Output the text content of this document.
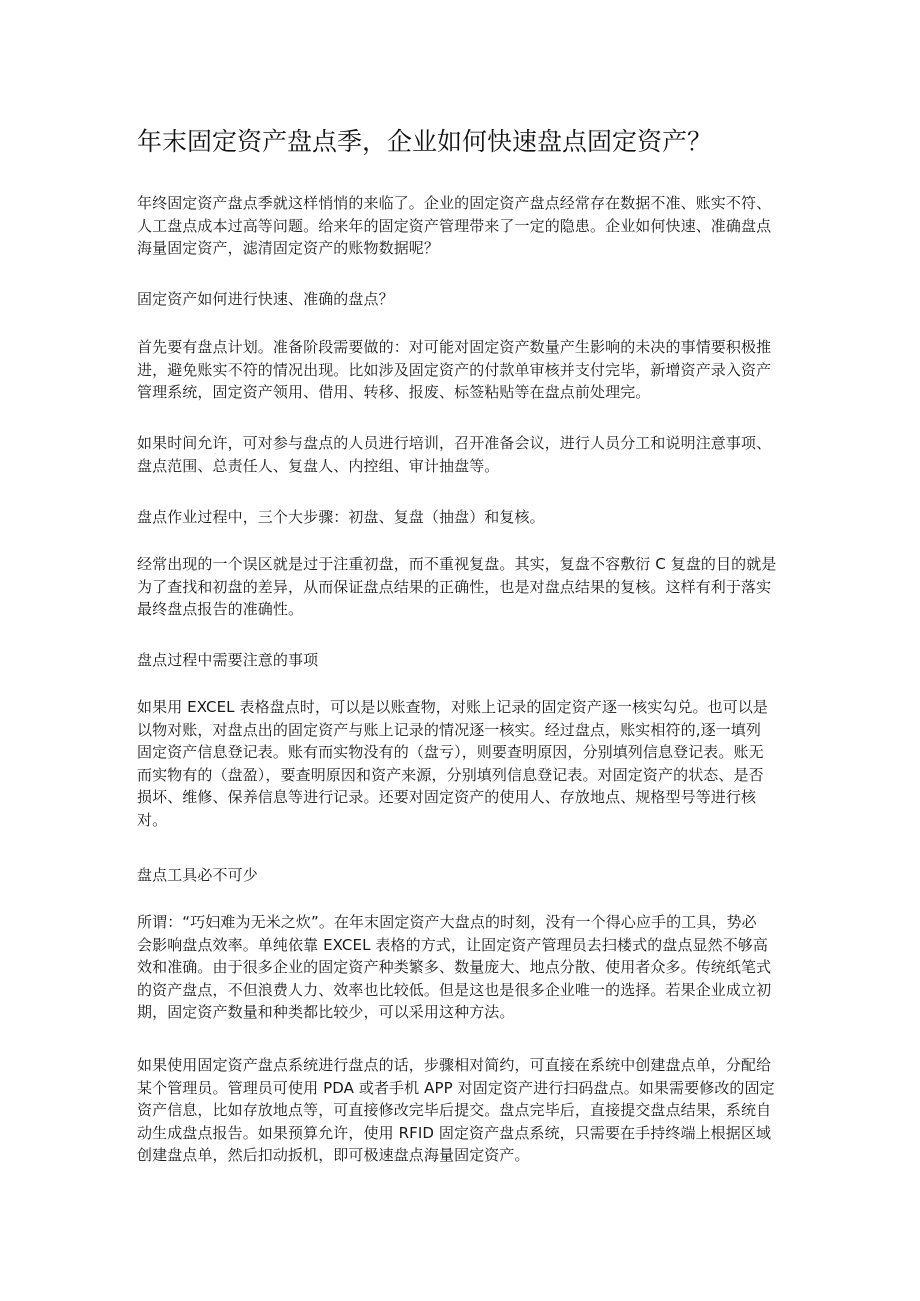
年末固定资产盘点季，企业如何快速盘点固定资产？

年终固定资产盘点季就这样悄悄的来临了。企业的固定资产盘点经常存在数据不准、账实不符、
人工盘点成本过高等问题。给来年的固定资产管理带来了一定的隐患。企业如何快速、准确盘点
海量固定资产，滤清固定资产的账物数据呢？

固定资产如何进行快速、准确的盘点？

首先要有盘点计划。准备阶段需要做的：对可能对固定资产数量产生影响的未决的事情要积极推
进，避免账实不符的情况出现。比如涉及固定资产的付款单审核并支付完毕，新增资产录入资产
管理系统，固定资产领用、借用、转移、报废、标签粘贴等在盘点前处理完。

如果时间允许，可对参与盘点的人员进行培训，召开准备会议，进行人员分工和说明注意事项、
盘点范围、总责任人、复盘人、内控组、审计抽盘等。

盘点作业过程中，三个大步骤：初盘、复盘（抽盘）和复核。

经常出现的一个误区就是过于注重初盘，而不重视复盘。其实，复盘不容敷衍 C 复盘的目的就是
为了查找和初盘的差异，从而保证盘点结果的正确性，也是对盘点结果的复核。这样有利于落实
最终盘点报告的准确性。

盘点过程中需要注意的事项

如果用 EXCEL 表格盘点时，可以是以账查物，对账上记录的固定资产逐一核实勾兑。也可以是
以物对账，对盘点出的固定资产与账上记录的情况逐一核实。经过盘点，账实相符的,逐一填列
固定资产信息登记表。账有而实物没有的（盘亏），则要查明原因，分别填列信息登记表。账无
而实物有的（盘盈），要查明原因和资产来源，分别填列信息登记表。对固定资产的状态、是否
损坏、维修、保养信息等进行记录。还要对固定资产的使用人、存放地点、规格型号等进行核
对。

盘点工具必不可少

所谓：“巧妇难为无米之炊”。在年末固定资产大盘点的时刻，没有一个得心应手的工具，势必
会影响盘点效率。单纯依靠 EXCEL 表格的方式，让固定资产管理员去扫楼式的盘点显然不够高
效和准确。由于很多企业的固定资产种类繁多、数量庞大、地点分散、使用者众多。传统纸笔式
的资产盘点，不但浪费人力、效率也比较低。但是这也是很多企业唯一的选择。若果企业成立初
期，固定资产数量和种类都比较少，可以采用这种方法。

如果使用固定资产盘点系统进行盘点的话，步骤相对简约，可直接在系统中创建盘点单，分配给
某个管理员。管理员可使用 PDA 或者手机 APP 对固定资产进行扫码盘点。如果需要修改的固定
资产信息，比如存放地点等，可直接修改完毕后提交。盘点完毕后，直接提交盘点结果，系统自
动生成盘点报告。如果预算允许，使用 RFID 固定资产盘点系统，只需要在手持终端上根据区域
创建盘点单，然后扣动扳机，即可极速盘点海量固定资产。
